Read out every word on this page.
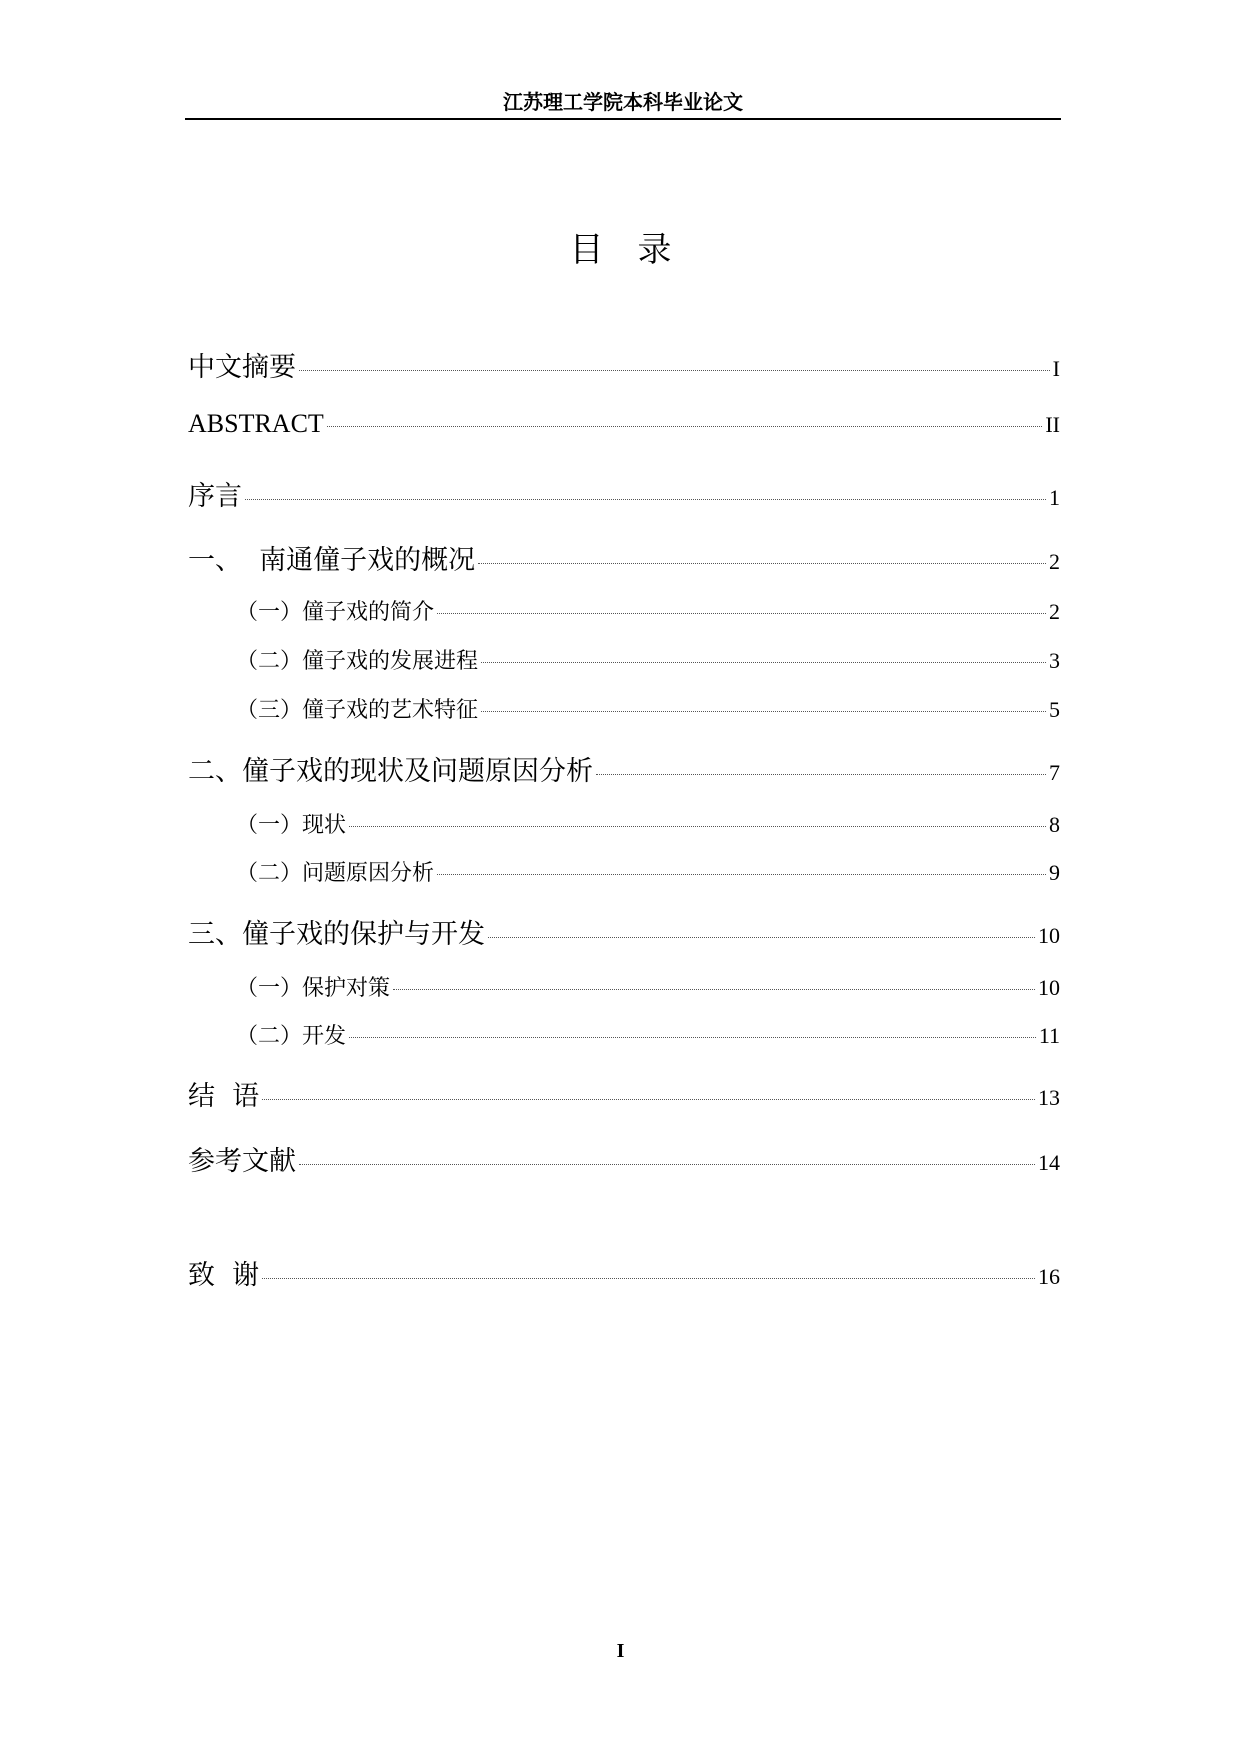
江苏理工学院本科毕业论文
目录
中文摘要	I
ABSTRACT	II
序言	1
一、  南通僮子戏的概况	2
（一）僮子戏的简介	2
（二）僮子戏的发展进程	3
（三）僮子戏的艺术特征	5
二、僮子戏的现状及问题原因分析	7
（一）现状	8
（二）问题原因分析	9
三、僮子戏的保护与开发	10
（一）保护对策	10
（二）开发	11
结  语	13
参考文献	14
致  谢	16
I
